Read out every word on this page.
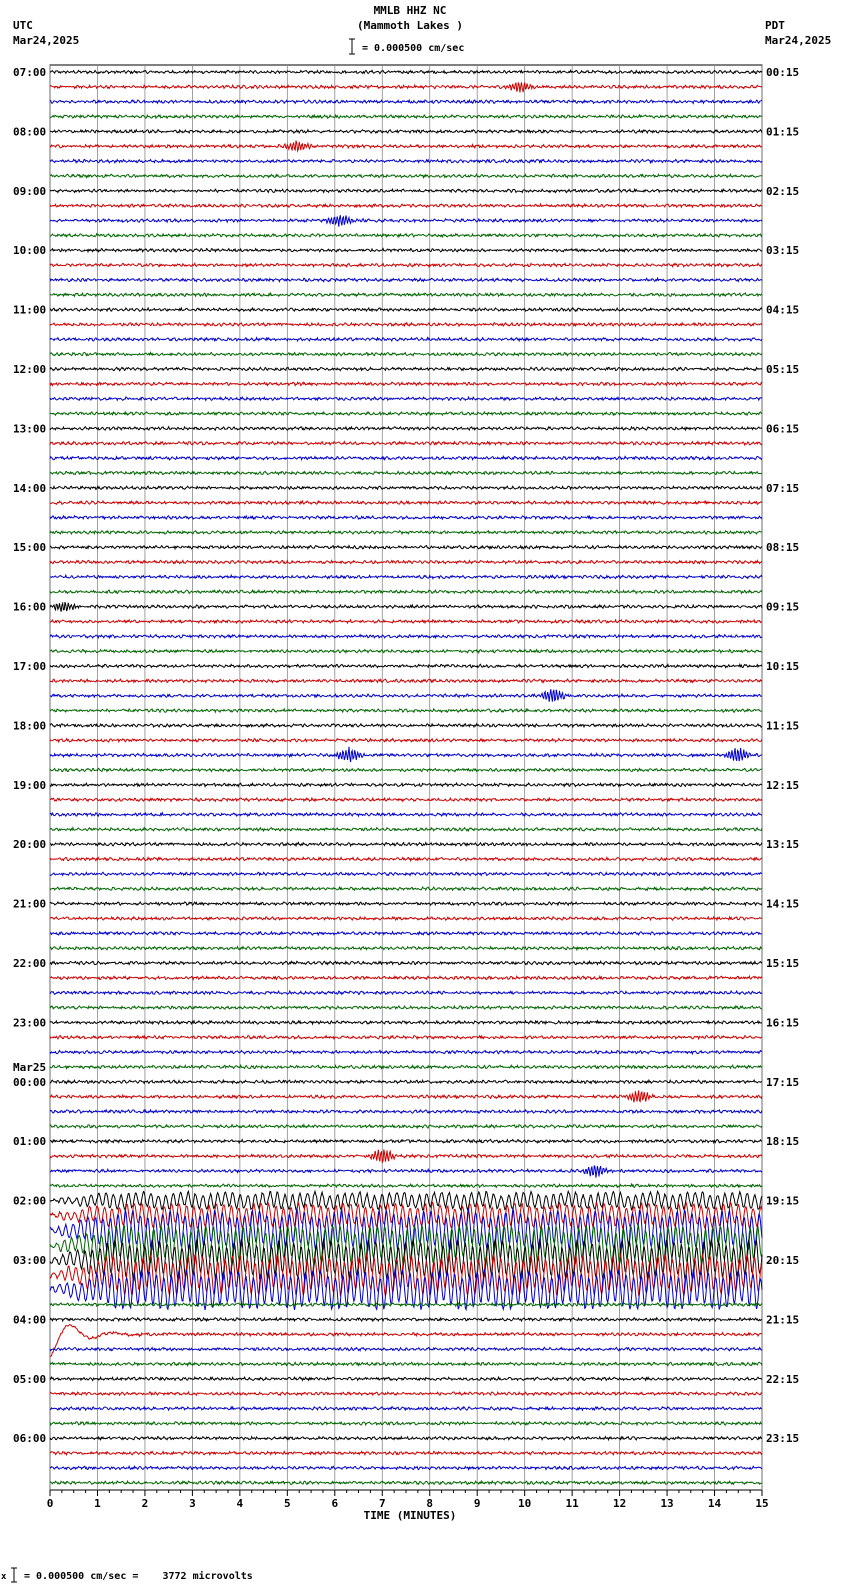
0	1	2	3	4	5	6	7	8	9	10	11	12	13	14	15
07:00
08:00
09:00
10:00
11:00
12:00
13:00
14:00
15:00
16:00
17:00
18:00
19:00
20:00
21:00
22:00
23:00
00:00
01:00
02:00
03:00
04:00
05:00
06:00
00:15
01:15
02:15
03:15
04:15
05:15
06:15
07:15
08:15
09:15
10:15
11:15
12:15
13:15
14:15
15:15
16:15
17:15
18:15
19:15
20:15
21:15
22:15
23:15
Mar25
MMLB HHZ NC
(Mammoth Lakes )
= 0.000500 cm/sec
UTC
Mar24,2025
PDT
Mar24,2025
TIME (MINUTES)
x = 0.000500 cm/sec =    3772 microvolts
